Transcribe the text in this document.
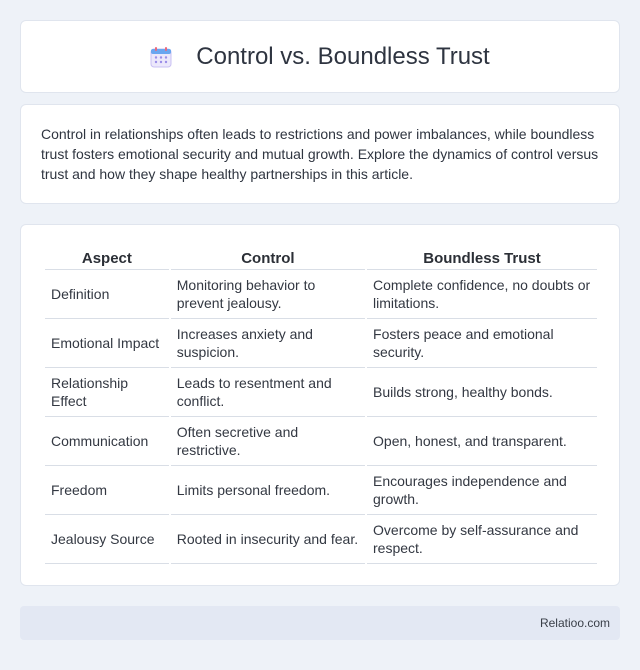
Control vs. Boundless Trust

Control in relationships often leads to restrictions and power imbalances, while boundless trust fosters emotional security and mutual growth. Explore the dynamics of control versus trust and how they shape healthy partnerships in this article.

Aspect	Control	Boundless Trust
Definition	Monitoring behavior to prevent jealousy.	Complete confidence, no doubts or limitations.
Emotional Impact	Increases anxiety and suspicion.	Fosters peace and emotional security.
Relationship Effect	Leads to resentment and conflict.	Builds strong, healthy bonds.
Communication	Often secretive and restrictive.	Open, honest, and transparent.
Freedom	Limits personal freedom.	Encourages independence and growth.
Jealousy Source	Rooted in insecurity and fear.	Overcome by self-assurance and respect.
Relatioo.com
